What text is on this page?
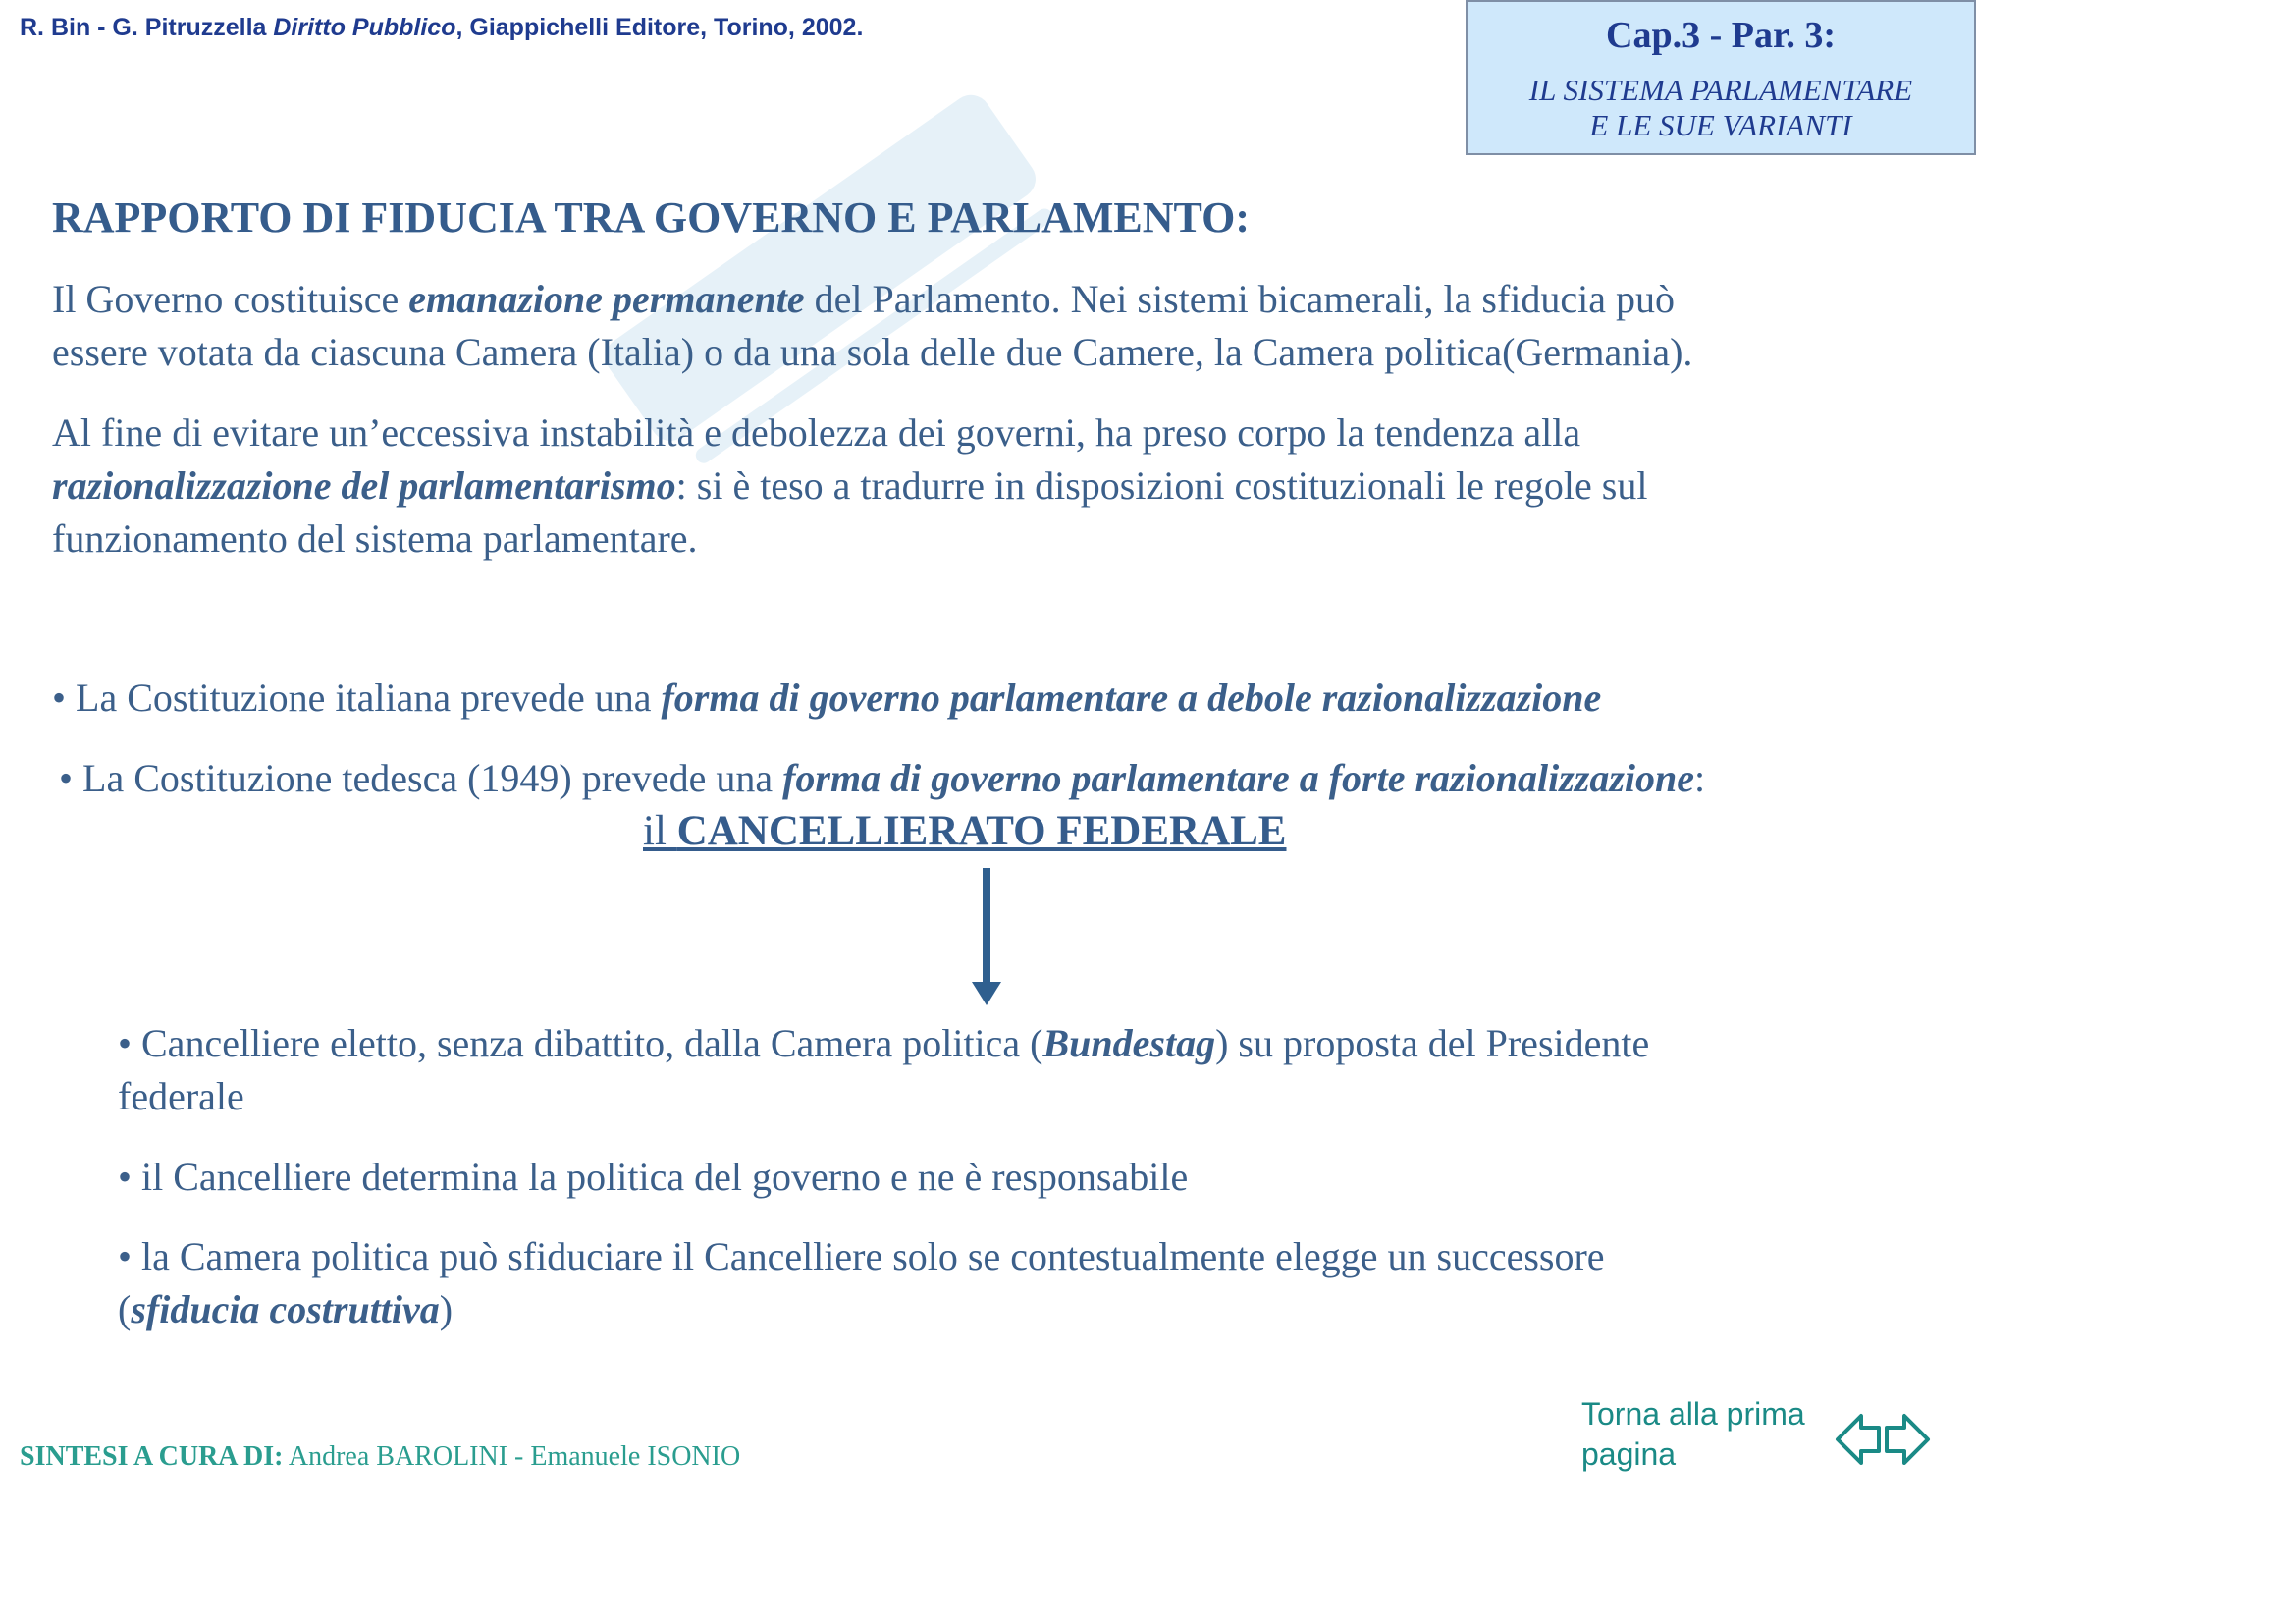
R. Bin - G. Pitruzzella Diritto Pubblico, Giappichelli Editore, Torino, 2002.	Cap.3 - Par. 3:
IL SISTEMA PARLAMENTARE
E LE SUE VARIANTI
RAPPORTO DI FIDUCIA TRA GOVERNO E PARLAMENTO:
Il Governo costituisce emanazione permanente del Parlamento. Nei sistemi bicamerali, la sfiducia può
essere votata da ciascuna Camera (Italia) o da una sola delle due Camere, la Camera politica(Germania).
Al fine di evitare un’eccessiva instabilità e debolezza dei governi, ha preso corpo la tendenza alla
razionalizzazione del parlamentarismo: si è teso a tradurre in disposizioni costituzionali le regole sul
funzionamento del sistema parlamentare.
• La Costituzione italiana prevede una forma di governo parlamentare a debole razionalizzazione
• La Costituzione tedesca (1949) prevede una forma di governo parlamentare a forte razionalizzazione:
il CANCELLIERATO FEDERALE
• Cancelliere eletto, senza dibattito, dalla Camera politica (Bundestag) su proposta del Presidente
federale
• il Cancelliere determina la politica del governo e ne è responsabile
• la Camera politica può sfiduciare il Cancelliere solo se contestualmente elegge un successore
(sfiducia costruttiva)
SINTESI A CURA DI: Andrea BAROLINI - Emanuele ISONIO
Torna alla prima
pagina
